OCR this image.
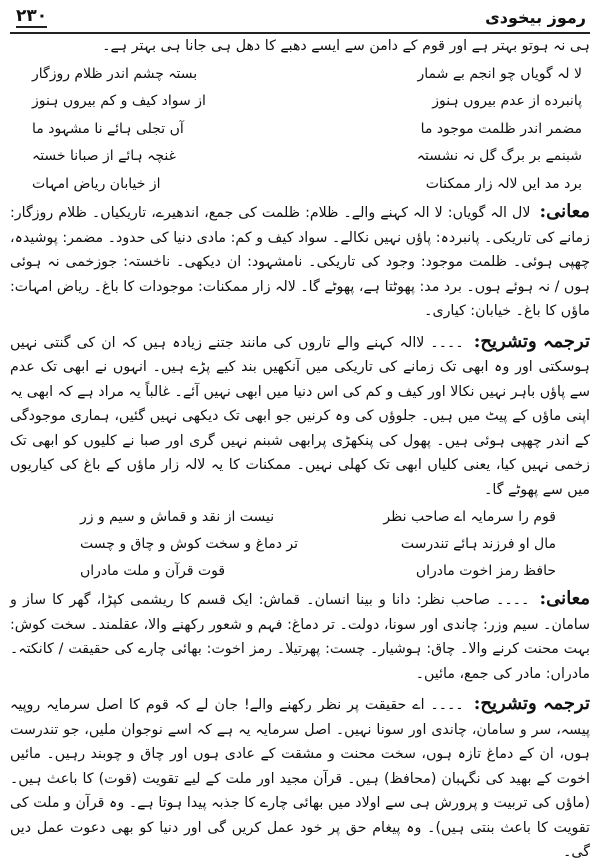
رموز بیخودی
۲۳۰

ہی نہ ہوتو بہتر ہے اور قوم کے دامن سے ایسے دھبے کا دھل ہی جانا ہی بہتر ہے۔

لا لہ گویاں چو انجم بے شمار
بستہ چشم اندر ظلام روزگار
پانبرده از عدم بیروں ہنوز
از سواد کیف و کم بیروں ہنوز
مضمر اندر ظلمت موجود ما
آں تجلی ہائے نا مشہود ما
شبنمے بر برگ گل نہ نشستہ
غنچہ ہائے از صبانا خستہ
برد مد ایں لالہ زار ممکنات
از خیابان ریاض امہات

معانی: لال الہ گویاں: لا الہ کہنے والے۔ ظلام: ظلمت کی جمع، اندھیرے، تاریکیاں۔ ظلام روزگار: زمانے کی تاریکی۔ پانبردہ: پاؤں نہیں نکالے۔ سواد کیف و کم: مادی دنیا کی حدود۔ مضمر: پوشیدہ، چھپی ہوئی۔ ظلمت موجود: وجود کی تاریکی۔ نامشہود: ان دیکھی۔ ناخستہ: جوزخمی نہ ہوئی ہوں / نہ ہوئے ہوں۔ برد مد: پھوٹتا ہے، پھوٹے گا۔ لالہ زار ممکنات: موجودات کا باغ۔ ریاض امہات: ماؤں کا باغ۔ خیابان: کیاری۔

ترجمہ وتشریح: ۔۔۔۔ لاالہ کہنے والے تاروں کی مانند جتنے زیادہ ہیں کہ ان کی گنتی نہیں ہوسکتی اور وہ ابھی تک زمانے کی تاریکی میں آنکھیں بند کیے پڑے ہیں۔ انہوں نے ابھی تک عدم سے پاؤں باہر نہیں نکالا اور کیف و کم کی اس دنیا میں ابھی نہیں آئے۔ غالباً یہ مراد ہے کہ ابھی یہ اپنی ماؤں کے پیٹ میں ہیں۔ جلوؤں کی وہ کرنیں جو ابھی تک دیکھی نہیں گئیں، ہماری موجودگی کے اندر چھپی ہوئی ہیں۔ پھول کی پنکھڑی پرابھی شبنم نہیں گری اور صبا نے کلیوں کو ابھی تک زخمی نہیں کیا، یعنی کلیاں ابھی تک کھلی نہیں۔ ممکنات کا یہ لالہ زار ماؤں کے باغ کی کیاریوں میں سے پھوٹے گا۔

قوم را سرمایہ اے صاحب نظر
نیست از نقد و قماش و سیم و زر
مال او فرزند ہائے تندرست
تر دماغ و سخت کوش و چاق و چست
حافظ رمز اخوت مادراں
قوت قرآن و ملت مادراں

معانی: ۔۔۔۔ صاحب نظر: دانا و بینا انسان۔ قماش: ایک قسم کا ریشمی کپڑا، گھر کا ساز و سامان۔ سیم وزر: چاندی اور سونا، دولت۔ تر دماغ: فہم و شعور رکھنے والا، عقلمند۔ سخت کوش: بہت محنت کرنے والا۔ چاق: ہوشیار۔ چست: پھرتیلا۔ رمز اخوت: بھائی چارے کی حقیقت / کانکتہ۔ مادراں: مادر کی جمع، مائیں۔

ترجمہ وتشریح: ۔۔۔۔ اے حقیقت پر نظر رکھنے والے! جان لے کہ قوم کا اصل سرمایہ روپیہ پیسہ، سر و سامان، چاندی اور سونا نہیں۔ اصل سرمایہ یہ ہے کہ اسے نوجوان ملیں، جو تندرست ہوں، ان کے دماغ تازہ ہوں، سخت محنت و مشقت کے عادی ہوں اور چاق و چوبند رہیں۔ مائیں اخوت کے بھید کی نگہبان (محافظ) ہیں۔ قرآن مجید اور ملت کے لیے تقویت (قوت) کا باعث ہیں۔ (ماؤں کی تربیت و پرورش ہی سے اولاد میں بھائی چارے کا جذبہ پیدا ہوتا ہے۔ وہ قرآن و ملت کی تقویت کا باعث بنتی ہیں)۔ وہ پیغام حق پر خود عمل کریں گی اور دنیا کو بھی دعوت عمل دیں گی۔
